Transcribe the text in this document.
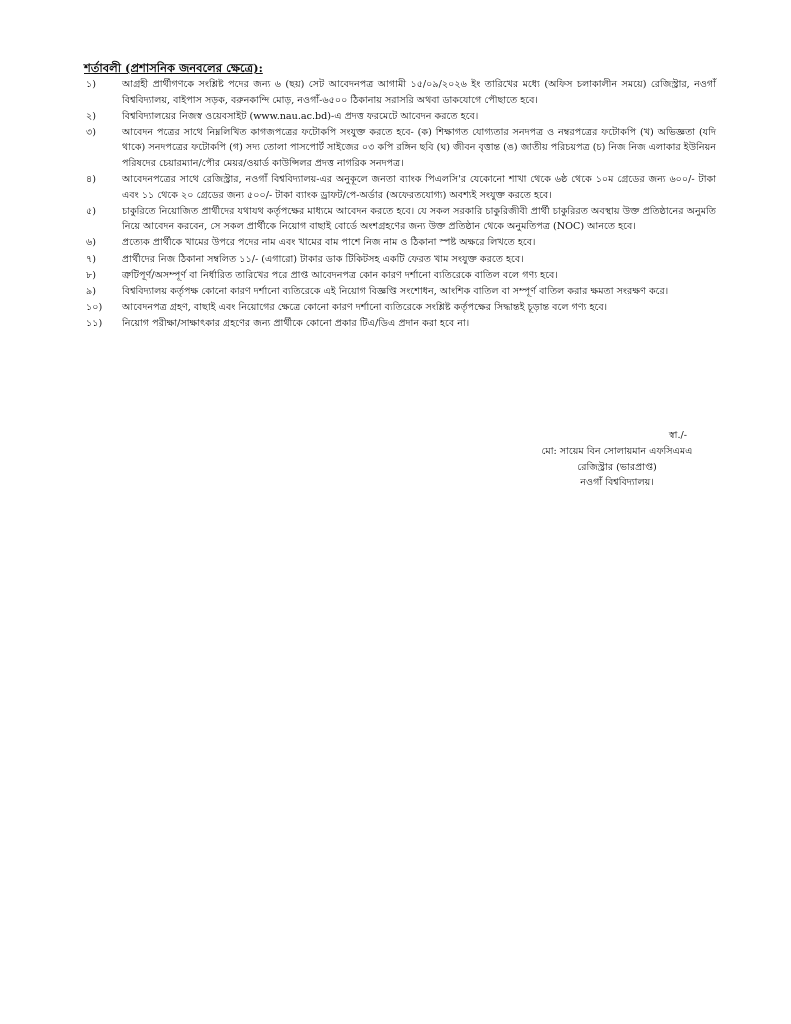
শর্তাবলী (প্রশাসনিক জনবলের ক্ষেত্রে):
১)	আগ্রহী প্রার্থীগণকে সংশ্লিষ্ট পদের জন্য ৬ (ছয়) সেট আবেদনপত্র আগামী ১৫/০৯/২০২৬ ইং তারিখের মধ্যে (অফিস চলাকালীন সময়ে) রেজিস্ট্রার, নওগাঁ বিশ্ববিদ্যালয়, বাইপাস সড়ক, বরুনকান্দি মোড়, নওগাঁ-৬৫০০ ঠিকানায় সরাসরি অথবা ডাকযোগে পৌছাতে হবে।
২)	বিশ্ববিদ্যালয়ের নিজস্ব ওয়েবসাইট (www.nau.ac.bd)-এ প্রদত্ত ফরমেটে আবেদন করতে হবে।
৩)	আবেদন পত্রের সাথে নিম্নলিখিত কাগজপত্রের ফটোকপি সংযুক্ত করতে হবে- (ক) শিক্ষাগত যোগ্যতার সনদপত্র ও নম্বরপত্রের ফটোকপি (খ) অভিজ্ঞতা (যদি থাকে) সনদপত্রের ফটোকপি (গ) সদ্য তোলা পাসপোর্ট সাইজের ০৩ কপি রঙ্গিন ছবি (ঘ) জীবন বৃত্তান্ত (ঙ) জাতীয় পরিচয়পত্র (চ) নিজ নিজ এলাকার ইউনিয়ন পরিষদের চেয়ারম্যান/পৌর মেয়র/ওয়ার্ড কাউন্সিলর প্রদত্ত নাগরিক সনদপত্র।
৪)	আবেদনপত্রের সাথে রেজিস্ট্রার, নওগাঁ বিশ্ববিদ্যালয়-এর অনুকূলে জনতা ব্যাংক পিএলসি'র যেকোনো শাখা থেকে ৬ষ্ঠ থেকে ১০ম গ্রেডের জন্য ৬০০/- টাকা এবং ১১ থেকে ২০ গ্রেডের জন্য ৫০০/- টাকা ব্যাংক ড্রাফট/পে-অর্ডার (অফেরতযোগ্য) অবশ্যই সংযুক্ত করতে হবে।
৫)	চাকুরিতে নিয়োজিত প্রার্থীদের যথাযথ কর্তৃপক্ষের মাধ্যমে আবেদন করতে হবে। যে সকল সরকারি চাকুরিজীবী প্রার্থী চাকুরিরত অবস্থায় উক্ত প্রতিষ্ঠানের অনুমতি নিয়ে আবেদন করবেন, সে সকল প্রার্থীকে নিয়োগ বাছাই বোর্ডে অংশগ্রহণের জন্য উক্ত প্রতিষ্ঠান থেকে অনুমতিপত্র (NOC) আনতে হবে।
৬)	প্রত্যেক প্রার্থীকে খামের উপরে পদের নাম এবং খামের বাম পাশে নিজ নাম ও ঠিকানা স্পষ্ট অক্ষরে লিখতে হবে।
৭)	প্রার্থীদের নিজ ঠিকানা সম্বলিত ১১/- (এগারো) টাকার ডাক টিকিটসহ একটি ফেরত খাম সংযুক্ত করতে হবে।
৮)	ত্রুটিপূর্ণ/অসম্পূর্ণ বা নির্ধারিত তারিখের পরে প্রাপ্ত আবেদনপত্র কোন কারণ দর্শানো ব্যতিরেকে বাতিল বলে গণ্য হবে।
৯)	বিশ্ববিদ্যালয় কর্তৃপক্ষ কোনো কারণ দর্শানো ব্যতিরেকে এই নিয়োগ বিজ্ঞপ্তি সংশোধন, আংশিক বাতিল বা সম্পূর্ণ বাতিল করার ক্ষমতা সংরক্ষণ করে।
১০)	আবেদনপত্র গ্রহণ, বাছাই এবং নিয়োগের ক্ষেত্রে কোনো কারণ দর্শানো ব্যতিরেকে সংশ্লিষ্ট কর্তৃপক্ষের সিদ্ধান্তই চূড়ান্ত বলে গণ্য হবে।
১১)	নিয়োগ পরীক্ষা/সাক্ষাৎকার গ্রহণের জন্য প্রার্থীকে কোনো প্রকার টিএ/ডিএ প্রদান করা হবে না।
স্বা./-
মো: সায়েম বিন সোলায়মান এফসিএমএ
রেজিস্ট্রার (ভারপ্রাপ্ত)
নওগাঁ বিশ্ববিদ্যালয়।
